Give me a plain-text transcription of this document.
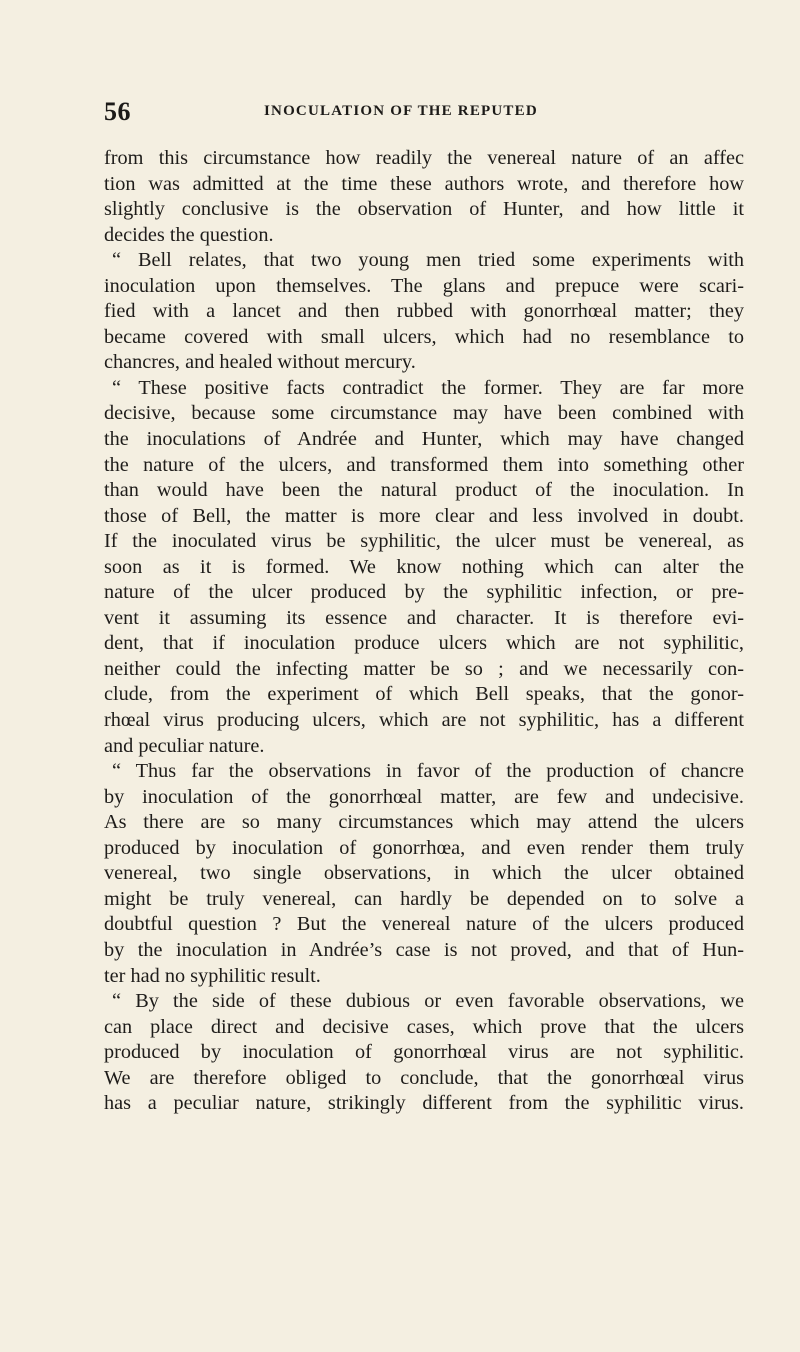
56	INOCULATION OF THE REPUTED
from this circumstance how readily the venereal nature of an affec
tion was admitted at the time these authors wrote, and therefore how
slightly conclusive is the observation of Hunter, and how little it
decides the question.
“ Bell relates, that two young men tried some experiments with
inoculation upon themselves. The glans and prepuce were scari-
fied with a lancet and then rubbed with gonorrhœal matter; they
became covered with small ulcers, which had no resemblance to
chancres, and healed without mercury.
“ These positive facts contradict the former. They are far more
decisive, because some circumstance may have been combined with
the inoculations of Andrée and Hunter, which may have changed
the nature of the ulcers, and transformed them into something other
than would have been the natural product of the inoculation. In
those of Bell, the matter is more clear and less involved in doubt.
If the inoculated virus be syphilitic, the ulcer must be venereal, as
soon as it is formed. We know nothing which can alter the
nature of the ulcer produced by the syphilitic infection, or pre-
vent it assuming its essence and character. It is therefore evi-
dent, that if inoculation produce ulcers which are not syphilitic,
neither could the infecting matter be so ; and we necessarily con-
clude, from the experiment of which Bell speaks, that the gonor-
rhœal virus producing ulcers, which are not syphilitic, has a different
and peculiar nature.
“ Thus far the observations in favor of the production of chancre
by inoculation of the gonorrhœal matter, are few and undecisive.
As there are so many circumstances which may attend the ulcers
produced by inoculation of gonorrhœa, and even render them truly
venereal, two single observations, in which the ulcer obtained
might be truly venereal, can hardly be depended on to solve a
doubtful question ? But the venereal nature of the ulcers produced
by the inoculation in Andrée’s case is not proved, and that of Hun-
ter had no syphilitic result.
“ By the side of these dubious or even favorable observations, we
can place direct and decisive cases, which prove that the ulcers
produced by inoculation of gonorrhœal virus are not syphilitic.
We are therefore obliged to conclude, that the gonorrhœal virus
has a peculiar nature, strikingly different from the syphilitic virus.
